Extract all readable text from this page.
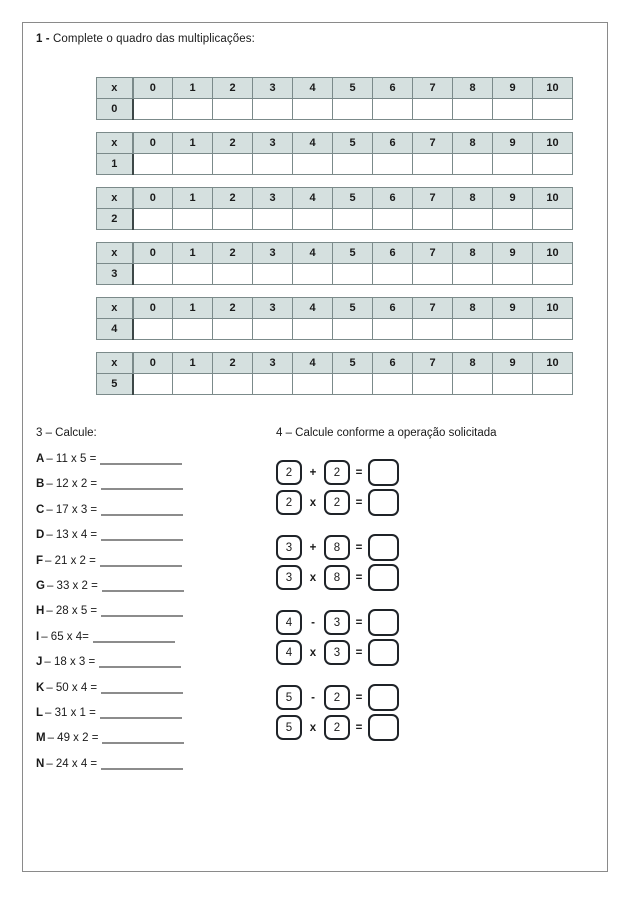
1 - Complete o quadro das multiplicações:
x	0	1	2	3	4	5	6	7	8	9	10
0											
x	0	1	2	3	4	5	6	7	8	9	10
1											
x	0	1	2	3	4	5	6	7	8	9	10
2											
x	0	1	2	3	4	5	6	7	8	9	10
3											
x	0	1	2	3	4	5	6	7	8	9	10
4											
x	0	1	2	3	4	5	6	7	8	9	10
5											
3 – Calcule:
A – 11 x 5 =
B – 12 x 2 =
C – 17 x 3 =
D – 13 x 4 =
F – 21 x 2 =
G – 33 x 2 =
H – 28 x 5 =
I – 65 x 4=
J – 18 x 3 =
K – 50 x 4 =
L – 31 x 1 =
M – 49 x 2 =
N – 24 x 4 =
4 – Calcule conforme a operação solicitada
2	+	2	=
2	x	2	=
3	+	8	=
3	x	8	=
4	-	3	=
4	x	3	=
5	-	2	=
5	x	2	=
